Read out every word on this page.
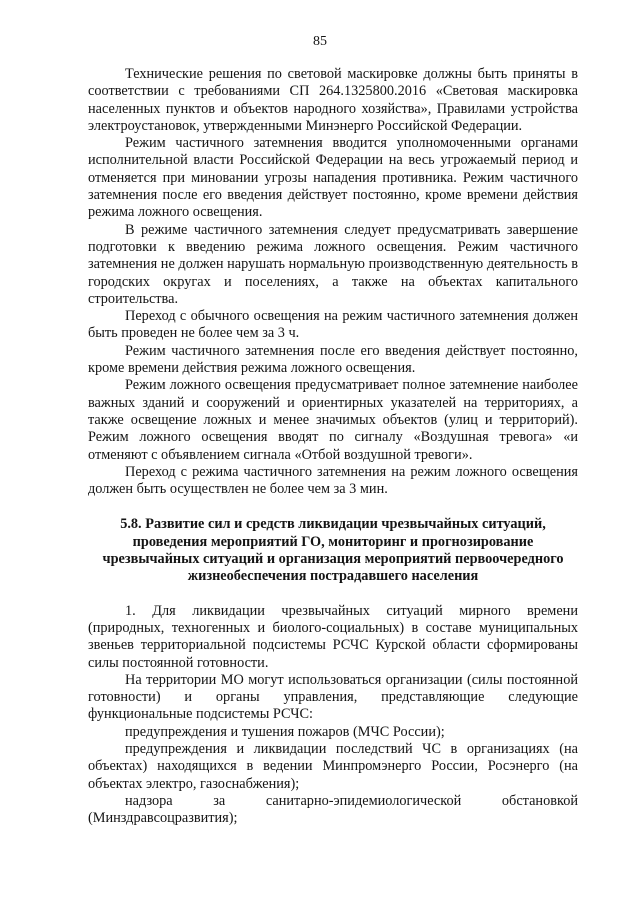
85

Технические решения по световой маскировке должны быть приняты в соответствии с требованиями СП 264.1325800.2016 «Световая маскировка населенных пунктов и объектов народного хозяйства», Правилами устройства электроустановок, утвержденными Минэнерго Российской Федерации.

Режим частичного затемнения вводится уполномоченными органами исполнительной власти Российской Федерации на весь угрожаемый период и отменяется при миновании угрозы нападения противника. Режим частичного затемнения после его введения действует постоянно, кроме времени действия режима ложного освещения.

В режиме частичного затемнения следует предусматривать завершение подготовки к введению режима ложного освещения. Режим частичного затемнения не должен нарушать нормальную производственную деятельность в городских округах и поселениях, а также на объектах капитального строительства.

Переход с обычного освещения на режим частичного затемнения должен быть проведен не более чем за 3 ч.

Режим частичного затемнения после его введения действует постоянно, кроме времени действия режима ложного освещения.

Режим ложного освещения предусматривает полное затемнение наиболее важных зданий и сооружений и ориентирных указателей на территориях, а также освещение ложных и менее значимых объектов (улиц и территорий). Режим ложного освещения вводят по сигналу «Воздушная тревога» «и отменяют с объявлением сигнала «Отбой воздушной тревоги».

Переход с режима частичного затемнения на режим ложного освещения должен быть осуществлен не более чем за 3 мин.

5.8. Развитие сил и средств ликвидации чрезвычайных ситуаций,
проведения мероприятий ГО, мониторинг и прогнозирование
чрезвычайных ситуаций и организация мероприятий первоочередного
жизнеобеспечения пострадавшего населения

1. Для ликвидации чрезвычайных ситуаций мирного времени (природных, техногенных и биолого-социальных) в составе муниципальных звеньев территориальной подсистемы РСЧС Курской области сформированы силы постоянной готовности.

На территории МО могут использоваться организации (силы постоянной готовности) и органы управления, представляющие следующие функциональные подсистемы РСЧС:

предупреждения и тушения пожаров (МЧС России);

предупреждения и ликвидации последствий ЧС в организациях (на объектах) находящихся в ведении Минпромэнерго России, Росэнерго (на объектах электро, газоснабжения);

надзора за санитарно-эпидемиологической обстановкой (Минздравсоцразвития);
